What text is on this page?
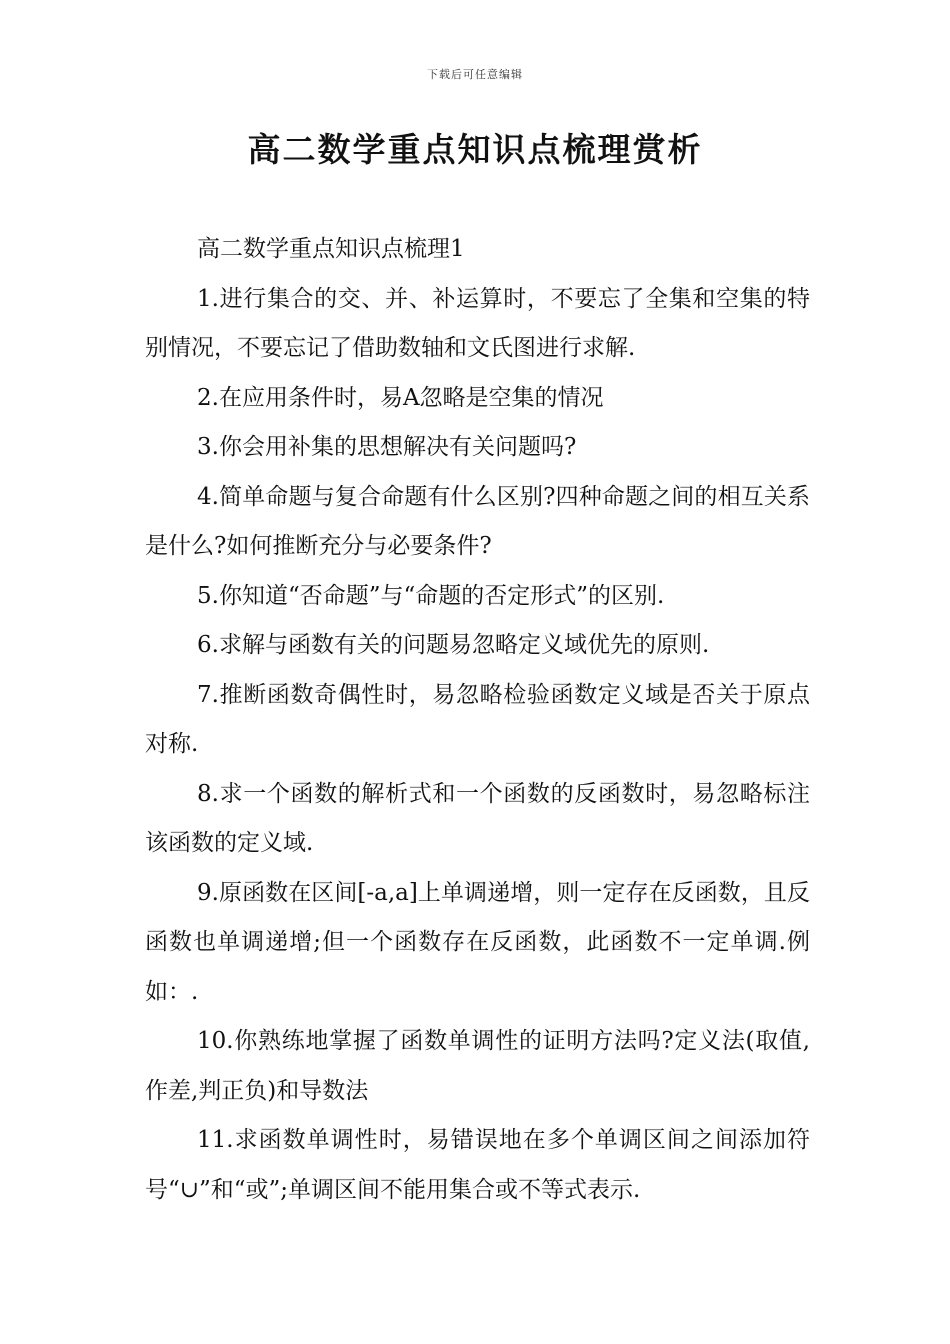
下载后可任意编辑
高二数学重点知识点梳理赏析

高二数学重点知识点梳理1

1.进行集合的交、并、补运算时，不要忘了全集和空集的特别情况，不要忘记了借助数轴和文氏图进行求解.

2.在应用条件时，易A忽略是空集的情况

3.你会用补集的思想解决有关问题吗?

4.简单命题与复合命题有什么区别?四种命题之间的相互关系是什么?如何推断充分与必要条件?

5.你知道“否命题”与“命题的否定形式”的区别.

6.求解与函数有关的问题易忽略定义域优先的原则.

7.推断函数奇偶性时，易忽略检验函数定义域是否关于原点对称.

8.求一个函数的解析式和一个函数的反函数时，易忽略标注该函数的定义域.

9.原函数在区间[-a,a]上单调递增，则一定存在反函数，且反函数也单调递增;但一个函数存在反函数，此函数不一定单调.例如：.

10.你熟练地掌握了函数单调性的证明方法吗?定义法(取值,作差,判正负)和导数法

11.求函数单调性时，易错误地在多个单调区间之间添加符号“∪”和“或”;单调区间不能用集合或不等式表示.
